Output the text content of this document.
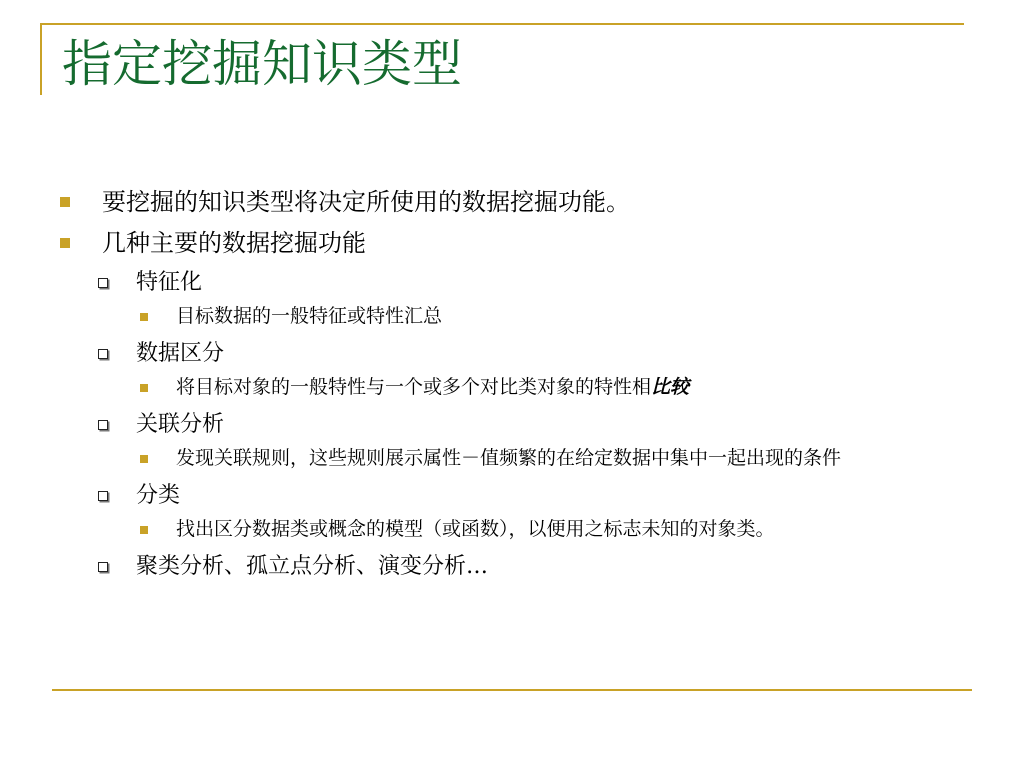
指定挖掘知识类型
要挖掘的知识类型将决定所使用的数据挖掘功能。
几种主要的数据挖掘功能
特征化
目标数据的一般特征或特性汇总
数据区分
将目标对象的一般特性与一个或多个对比类对象的特性相比较
关联分析
发现关联规则，这些规则展示属性－值频繁的在给定数据中集中一起出现的条件
分类
找出区分数据类或概念的模型（或函数），以便用之标志未知的对象类。
聚类分析、孤立点分析、演变分析…
